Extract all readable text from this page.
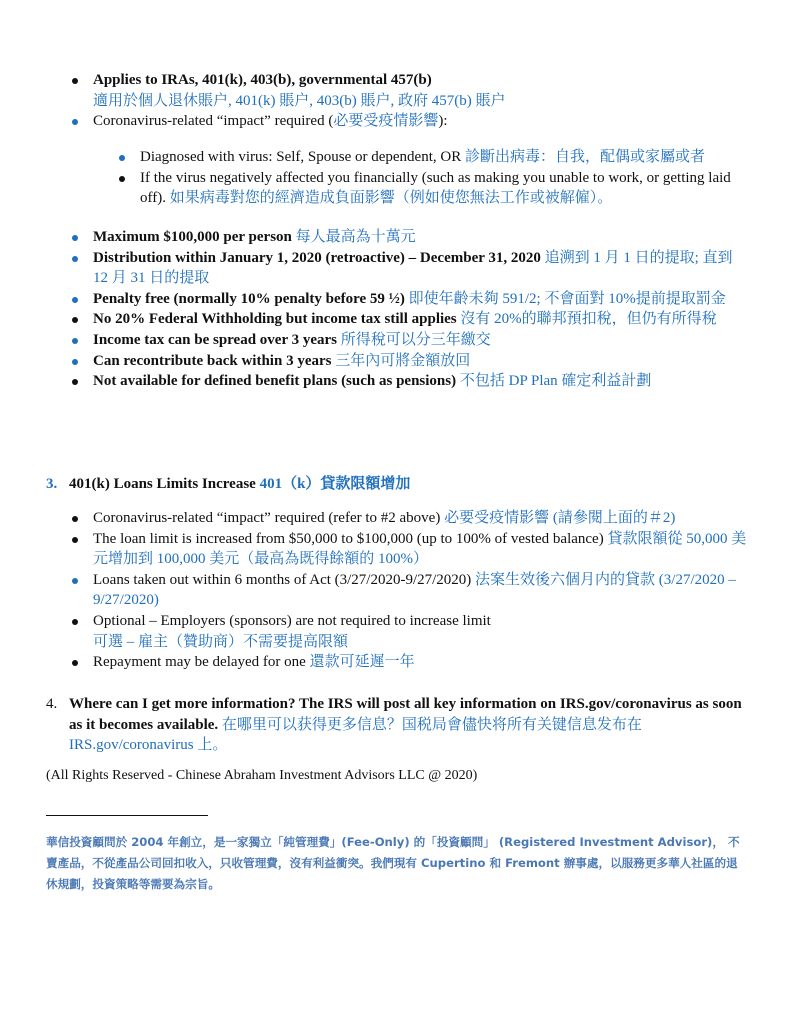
Applies to IRAs, 401(k), 403(b), governmental 457(b)
適用於個人退休賬户, 401(k) 賬户, 403(b) 賬户, 政府 457(b) 賬户
Coronavirus-related “impact” required (必要受疫情影響):
Diagnosed with virus: Self, Spouse or dependent, OR 診斷出病毒：自我，配偶或家屬或者
If the virus negatively affected you financially (such as making you unable to work, or getting laid off). 如果病毒對您的經濟造成負面影響（例如使您無法工作或被解僱）。
Maximum $100,000 per person 每人最高為十萬元
Distribution within January 1, 2020 (retroactive) – December 31, 2020 追溯到 1 月 1 日的提取; 直到 12 月 31 日的提取
Penalty free (normally 10% penalty before 59 ½) 即使年齡未夠 591/2; 不會面對 10%提前提取罰金
No 20% Federal Withholding but income tax still applies 沒有 20%的聯邦預扣稅，但仍有所得稅
Income tax can be spread over 3 years 所得稅可以分三年繳交
Can recontribute back within 3 years 三年內可將金額放回
Not available for defined benefit plans (such as pensions) 不包括 DP Plan 確定利益計劃
3. 401(k) Loans Limits Increase 401（k）貸款限額增加
Coronavirus-related “impact” required (refer to #2 above) 必要受疫情影響 (請參閱上面的＃2)
The loan limit is increased from $50,000 to $100,000 (up to 100% of vested balance) 貸款限額從 50,000 美元增加到 100,000 美元（最高為既得餘額的 100%）
Loans taken out within 6 months of Act (3/27/2020-9/27/2020) 法案生效後六個月内的貸款 (3/27/2020 – 9/27/2020)
Optional – Employers (sponsors) are not required to increase limit
可選 – 雇主（贊助商）不需要提高限額
Repayment may be delayed for one 還款可延遲一年
4. Where can I get more information? The IRS will post all key information on IRS.gov/coronavirus as soon as it becomes available. 在哪里可以获得更多信息？国税局會儘快将所有关键信息发布在 IRS.gov/coronavirus 上。
(All Rights Reserved - Chinese Abraham Investment Advisors LLC @ 2020)
華信投資顧問於 2004 年創立，是一家獨立「純管理費」(Fee-Only) 的「投資顧問」 (Registered Investment Advisor)， 不賣產品，不從產品公司回扣收入，只收管理費，沒有利益衝突。我們現有 Cupertino 和 Fremont 辦事處，以服務更多華人社區的退休規劃，投資策略等需要為宗旨。
